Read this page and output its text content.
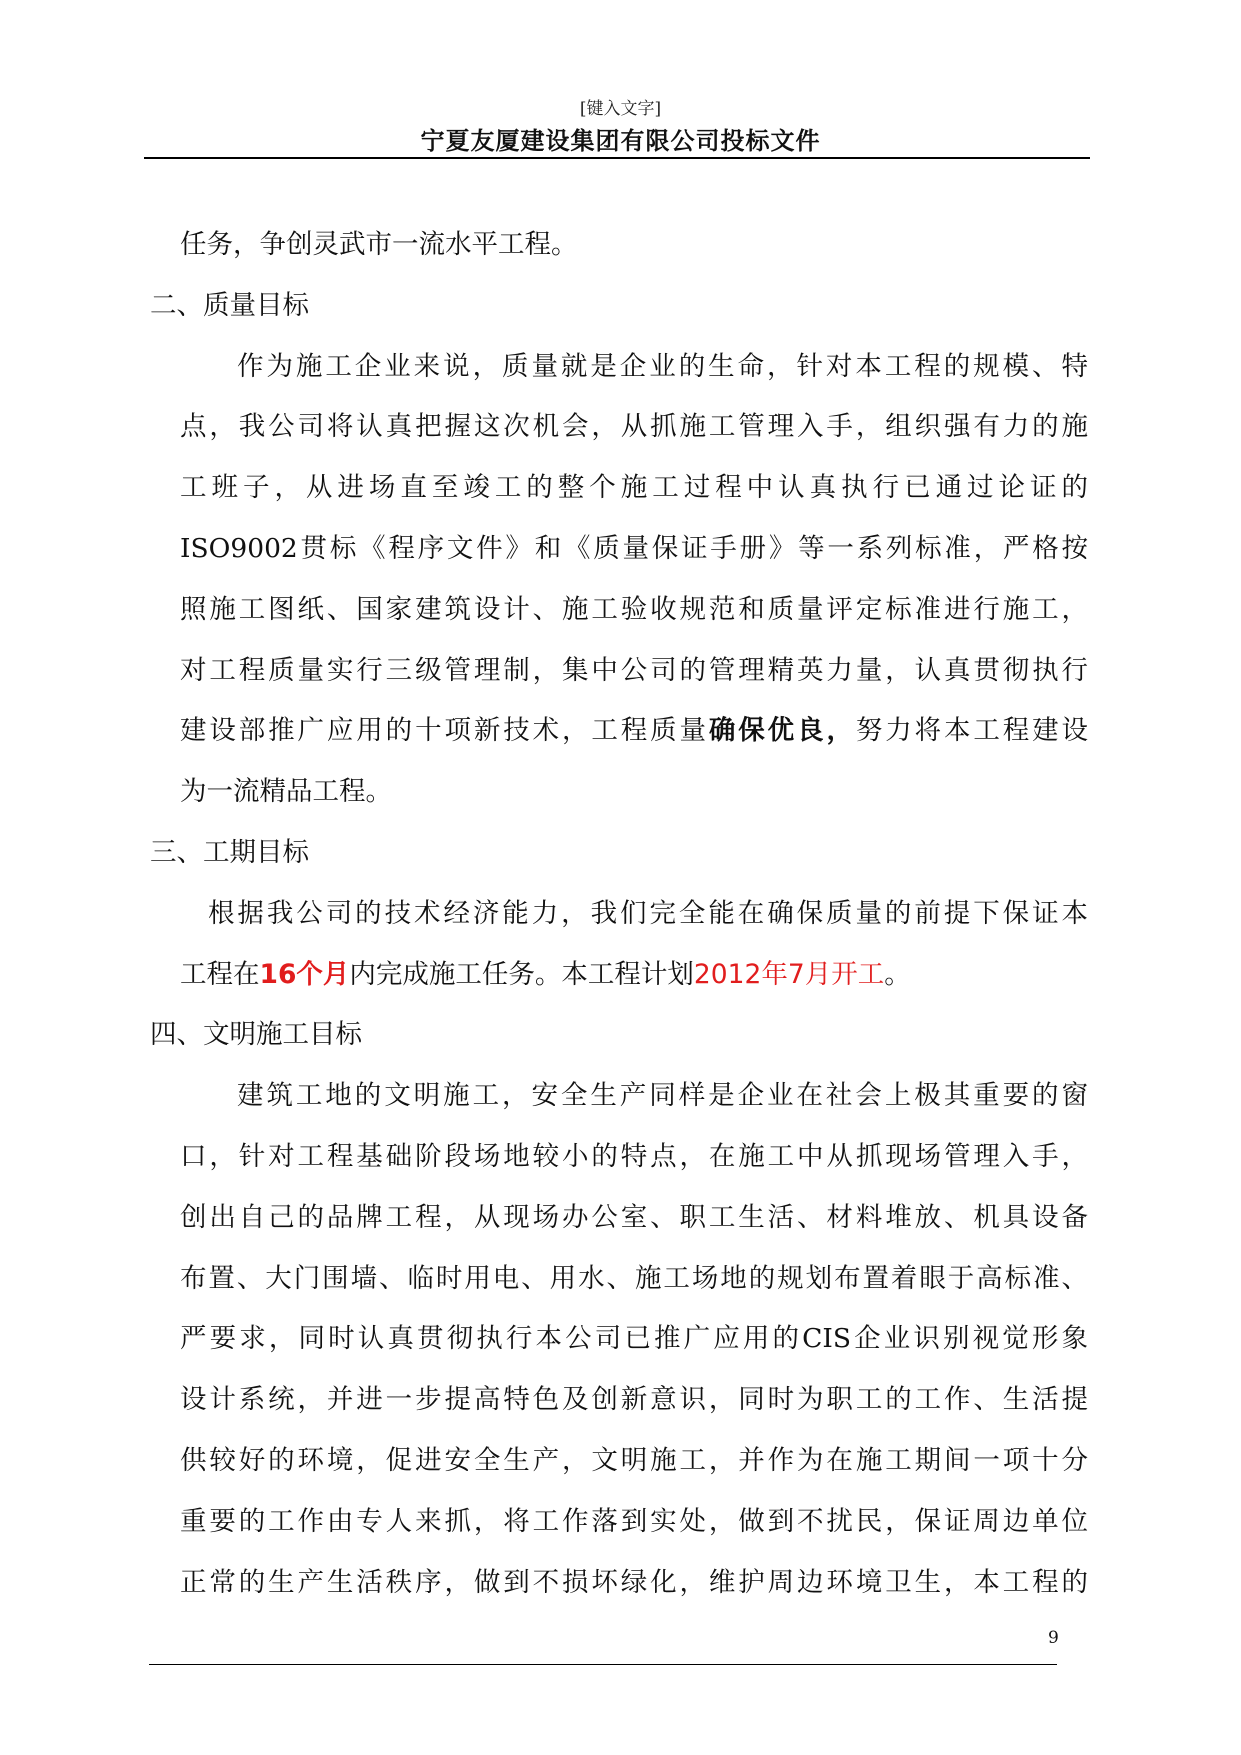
[键入文字]
宁夏友厦建设集团有限公司投标文件
任务，争创灵武市一流水平工程。
二、质量目标
作为施工企业来说，质量就是企业的生命，针对本工程的规模、特
点，我公司将认真把握这次机会，从抓施工管理入手，组织强有力的施
工班子，从进场直至竣工的整个施工过程中认真执行已通过论证的
ISO9002贯标《程序文件》和《质量保证手册》等一系列标准，严格按
照施工图纸、国家建筑设计、施工验收规范和质量评定标准进行施工，
对工程质量实行三级管理制，集中公司的管理精英力量，认真贯彻执行
建设部推广应用的十项新技术，工程质量确保优良，努力将本工程建设
为一流精品工程。
三、工期目标
根据我公司的技术经济能力，我们完全能在确保质量的前提下保证本
工程在16个月内完成施工任务。本工程计划2012年7月开工。
四、文明施工目标
建筑工地的文明施工，安全生产同样是企业在社会上极其重要的窗
口，针对工程基础阶段场地较小的特点，在施工中从抓现场管理入手，
创出自己的品牌工程，从现场办公室、职工生活、材料堆放、机具设备
布置、大门围墙、临时用电、用水、施工场地的规划布置着眼于高标准、
严要求，同时认真贯彻执行本公司已推广应用的CIS企业识别视觉形象
设计系统，并进一步提高特色及创新意识，同时为职工的工作、生活提
供较好的环境，促进安全生产，文明施工，并作为在施工期间一项十分
重要的工作由专人来抓，将工作落到实处，做到不扰民，保证周边单位
正常的生产生活秩序，做到不损坏绿化，维护周边环境卫生，本工程的
9
